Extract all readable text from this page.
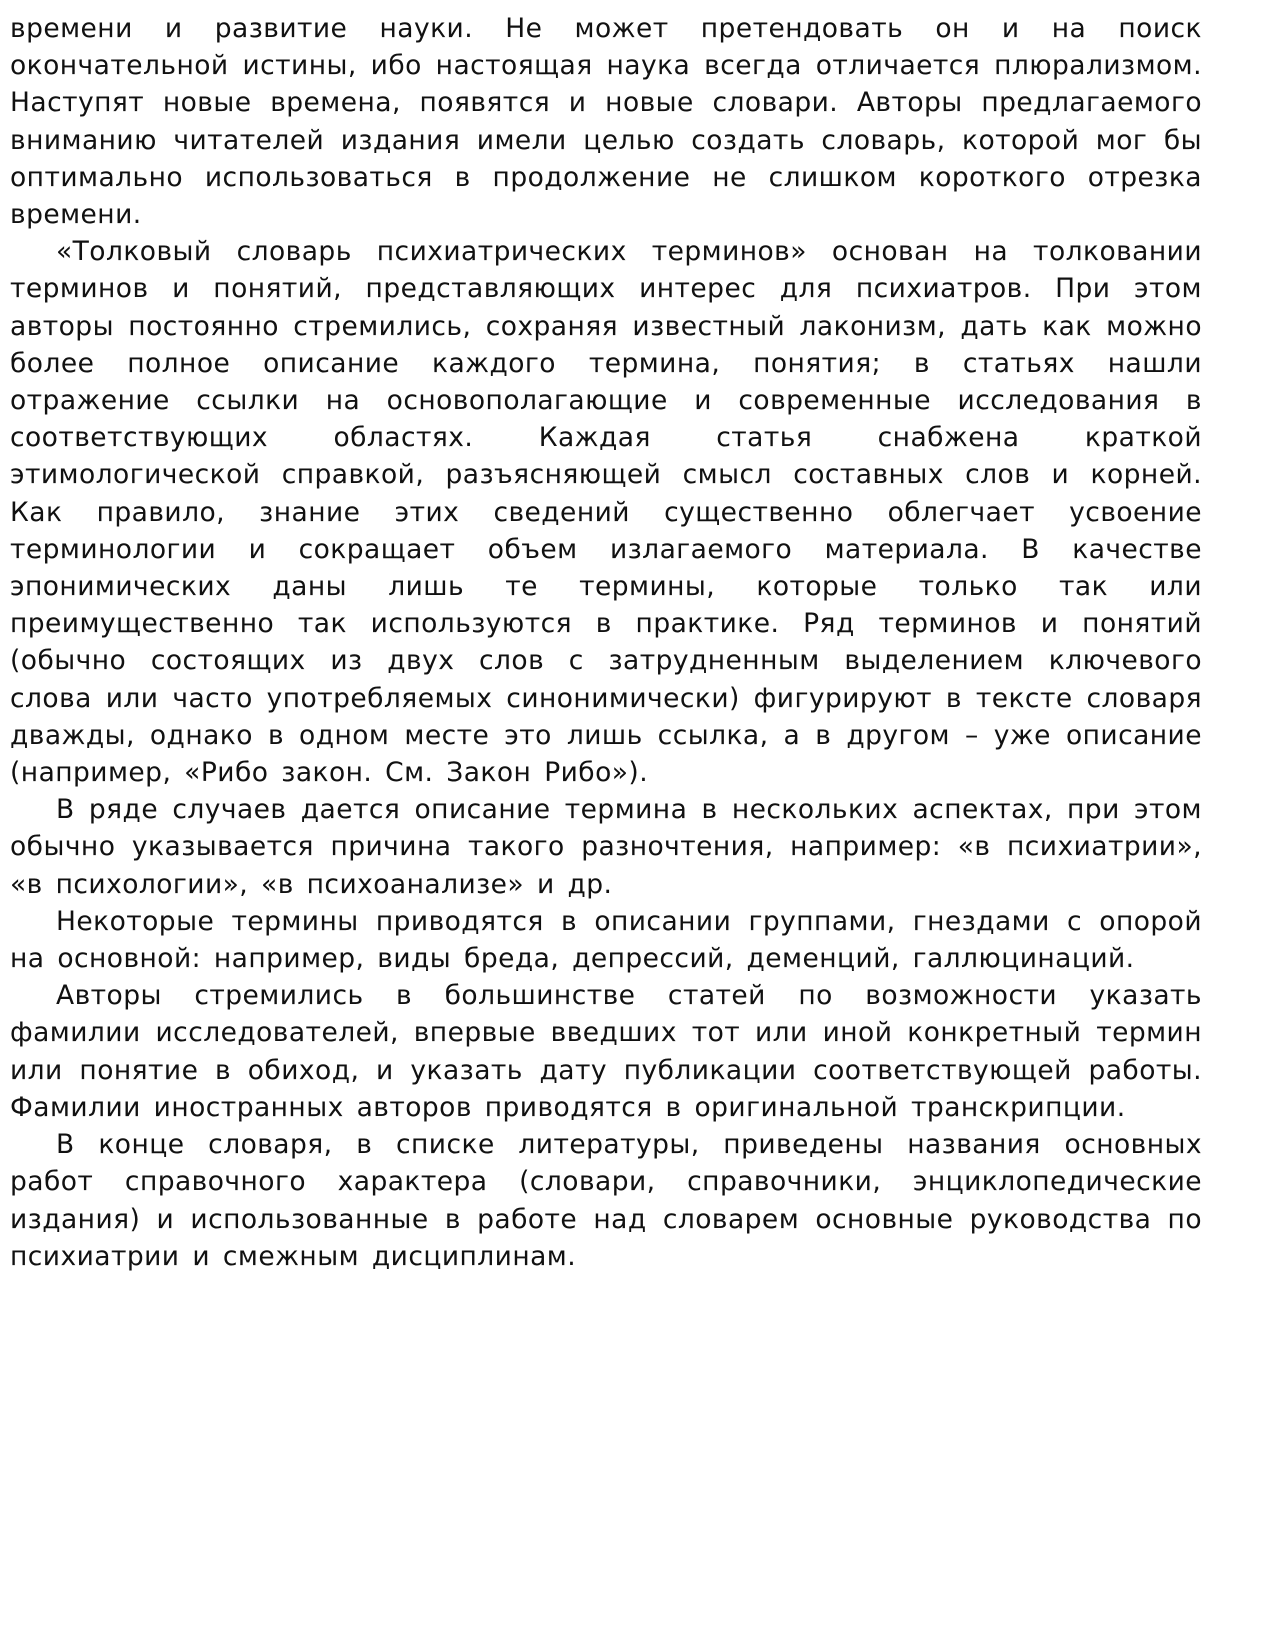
времени и развитие науки. Не может претендовать он и на поиск окончательной истины, ибо настоящая наука всегда отличается плюрализмом. Наступят новые времена, появятся и новые словари. Авторы предлагаемого вниманию читателей издания имели целью создать словарь, которой мог бы оптимально использоваться в продолжение не слишком короткого отрезка времени.

«Толковый словарь психиатрических терминов» основан на толковании терминов и понятий, представляющих интерес для психиатров. При этом авторы постоянно стремились, сохраняя известный лаконизм, дать как можно более полное описание каждого термина, понятия; в статьях нашли отражение ссылки на основополагающие и современные исследования в соответствующих областях. Каждая статья снабжена краткой этимологической справкой, разъясняющей смысл составных слов и корней. Как правило, знание этих сведений существенно облегчает усвоение терминологии и сокращает объем излагаемого материала. В качестве эпонимических даны лишь те термины, которые только так или преимущественно так используются в практике. Ряд терминов и понятий (обычно состоящих из двух слов с затрудненным выделением ключевого слова или часто употребляемых синонимически) фигурируют в тексте словаря дважды, однако в одном месте это лишь ссылка, а в другом – уже описание (например, «Рибо закон. См. Закон Рибо»).

В ряде случаев дается описание термина в нескольких аспектах, при этом обычно указывается причина такого разночтения, например: «в психиатрии», «в психологии», «в психоанализе» и др.

Некоторые термины приводятся в описании группами, гнездами с опорой на основной: например, виды бреда, депрессий, деменций, галлюцинаций.

Авторы стремились в большинстве статей по возможности указать фамилии исследователей, впервые введших тот или иной конкретный термин или понятие в обиход, и указать дату публикации соответствующей работы. Фамилии иностранных авторов приводятся в оригинальной транскрипции.

В конце словаря, в списке литературы, приведены названия основных работ справочного характера (словари, справочники, энциклопедические издания) и использованные в работе над словарем основные руководства по психиатрии и смежным дисциплинам.
